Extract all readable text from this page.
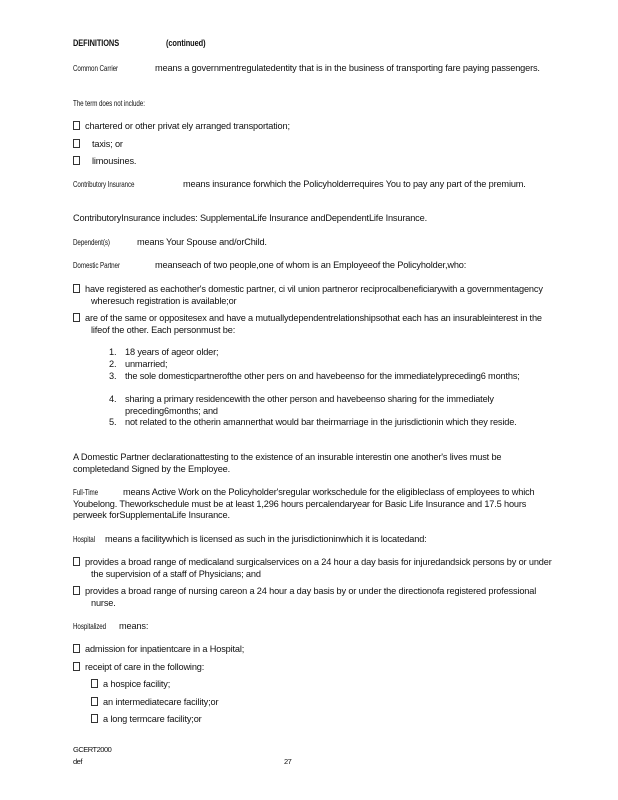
DEFINITIONS	(continued)
Common Carrier	means a governmentregulatedentity that is in the business of transporting fare paying passengers.
The term does not include:
chartered or other privat ely arranged transportation;
taxis; or
limousines.
Contributory Insurance	means insurance forwhich the Policyholderrequires You to pay any part of the premium.
ContributoryInsurance includes: SupplementaLife Insurance andDependentLife Insurance.
Dependent(s)	means Your Spouse and/orChild.
Domestic Partner	meanseach of two people,one of whom is an Employeeof the Policyholder,who:
have registered as eachother's domestic partner, ci vil union partneror reciprocalbeneficiarywith a governmentagency wheresuch registration is available;or
are of the same or oppositesex and have a mutuallydependentrelationshipsothat each has an insurableinterest in the lifeof the other. Each personmust be:
1. 18 years of ageor older;
2. unmarried;
3. the sole domesticpartnerofthe other pers on and havebeenso for the immediatelypreceding6 months;
4. sharing a primary residencewith the other person and havebeenso sharing for the immediately preceding6months; and
5. not related to the otherin amannerthat would bar theirmarriage in the jurisdictionin which they reside.
A Domestic Partner declarationattesting to the existence of an insurable interestin one another's lives must be completedand Signed by the Employee.
Full-Time	means Active Work on the Policyholder'sregular workschedule for the eligibleclass of employees to which Youbelong. Theworkschedule must be at least 1,296 hours percalendaryear for Basic Life Insurance and 17.5 hours perweek forSupplementaLife Insurance.
Hospital means a facilitywhich is licensed as such in the jurisdictioninwhich it is locatedand:
provides a broad range of medicaland surgicalservices on a 24 hour a day basis for injuredandsick persons by or under the supervision of a staff of Physicians; and
provides a broad range of nursing careon a 24 hour a day basis by or under the directionofa registered professional nurse.
Hospitalized means:
admission for inpatientcare in a Hospital;
receipt of care in the following:
a hospice facility;
an intermediatecare facility;or
a long termcare facility;or
GCERT2000
def	27
